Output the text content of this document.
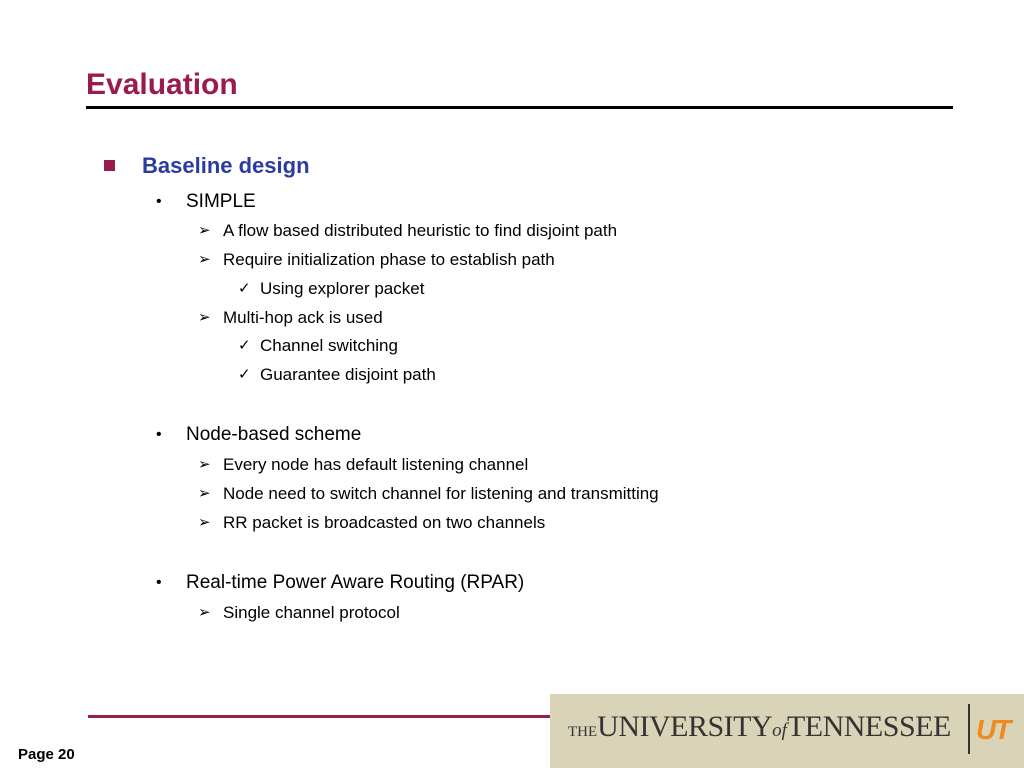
Evaluation
Baseline design
• SIMPLE
➢ A flow based distributed heuristic to find disjoint path
➢ Require initialization phase to establish path
✓ Using explorer packet
➢ Multi-hop ack is used
✓ Channel switching
✓ Guarantee disjoint path
• Node-based scheme
➢ Every node has default listening channel
➢ Node need to switch channel for listening and transmitting
➢ RR packet is broadcasted on two channels
• Real-time Power Aware Routing (RPAR)
➢ Single channel protocol
Page 20
THEUNIVERSITYofTENNESSEE UT
